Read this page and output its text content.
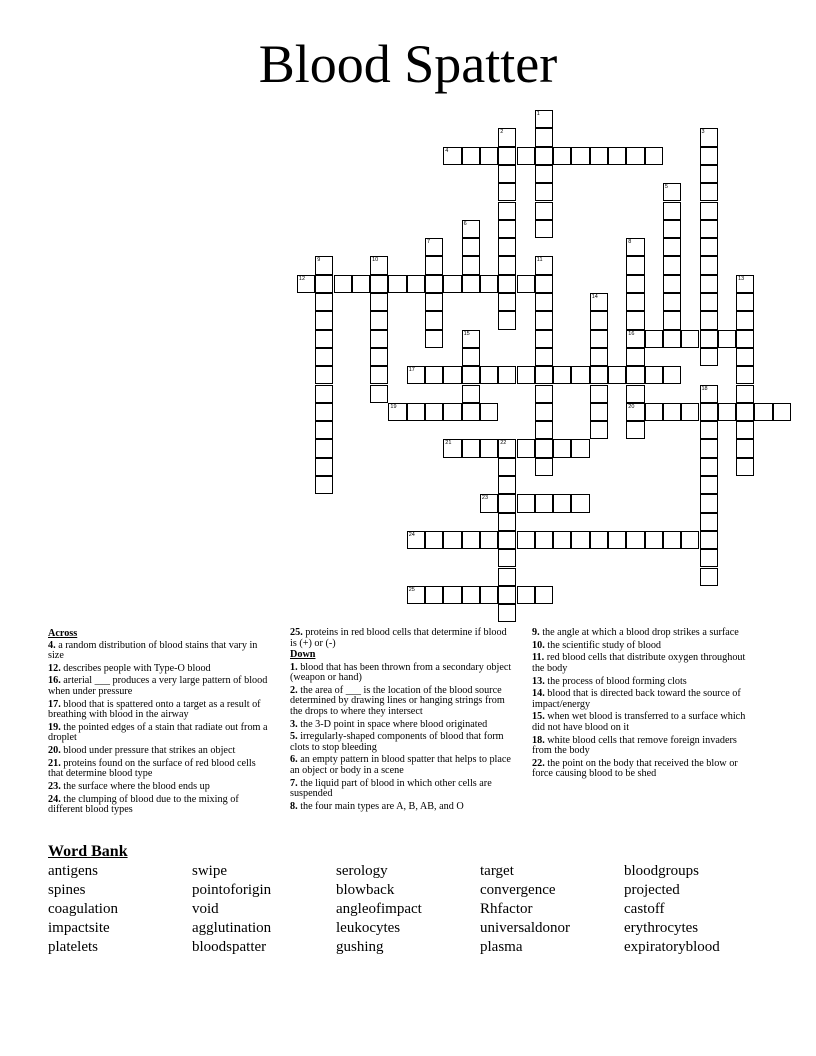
Blood Spatter
1
2	3
4
5
6
7	8
16
20
9	10	11
12	13
14
15
17
18
19
21	22
23
24
25
Across
4. a random distribution of blood stains that vary in size
12. describes people with Type-O blood
16. arterial ___ produces a very large pattern of blood when under pressure
17. blood that is spattered onto a target as a result of breathing with blood in the airway
19. the pointed edges of a stain that radiate out from a droplet
20. blood under pressure that strikes an object
21. proteins found on the surface of red blood cells that determine blood type
23. the surface where the blood ends up
24. the clumping of blood due to the mixing of different blood types
25. proteins in red blood cells that determine if blood is (+) or (-)
Down
1. blood that has been thrown from a secondary object (weapon or hand)
2. the area of ___ is the location of the blood source determined by drawing lines or hanging strings from the drops to where they intersect
3. the 3-D point in space where blood originated
5. irregularly-shaped components of blood that form clots to stop bleeding
6. an empty pattern in blood spatter that helps to place an object or body in a scene
7. the liquid part of blood in which other cells are suspended
8. the four main types are A, B, AB, and O
9. the angle at which a blood drop strikes a surface
10. the scientific study of blood
11. red blood cells that distribute oxygen throughout the body
13. the process of blood forming clots
14. blood that is directed back toward the source of impact/energy
15. when wet blood is transferred to a surface which did not have blood on it
18. white blood cells that remove foreign invaders from the body
22. the point on the body that received the blow or force causing blood to be shed
Word Bank
antigens	swipe	serology	target	bloodgroups
spines	pointoforigin	blowback	convergence	projected
coagulation	void	angleofimpact	Rhfactor	castoff
impactsite	agglutination	leukocytes	universaldonor	erythrocytes
platelets	bloodspatter	gushing	plasma	expiratoryblood
